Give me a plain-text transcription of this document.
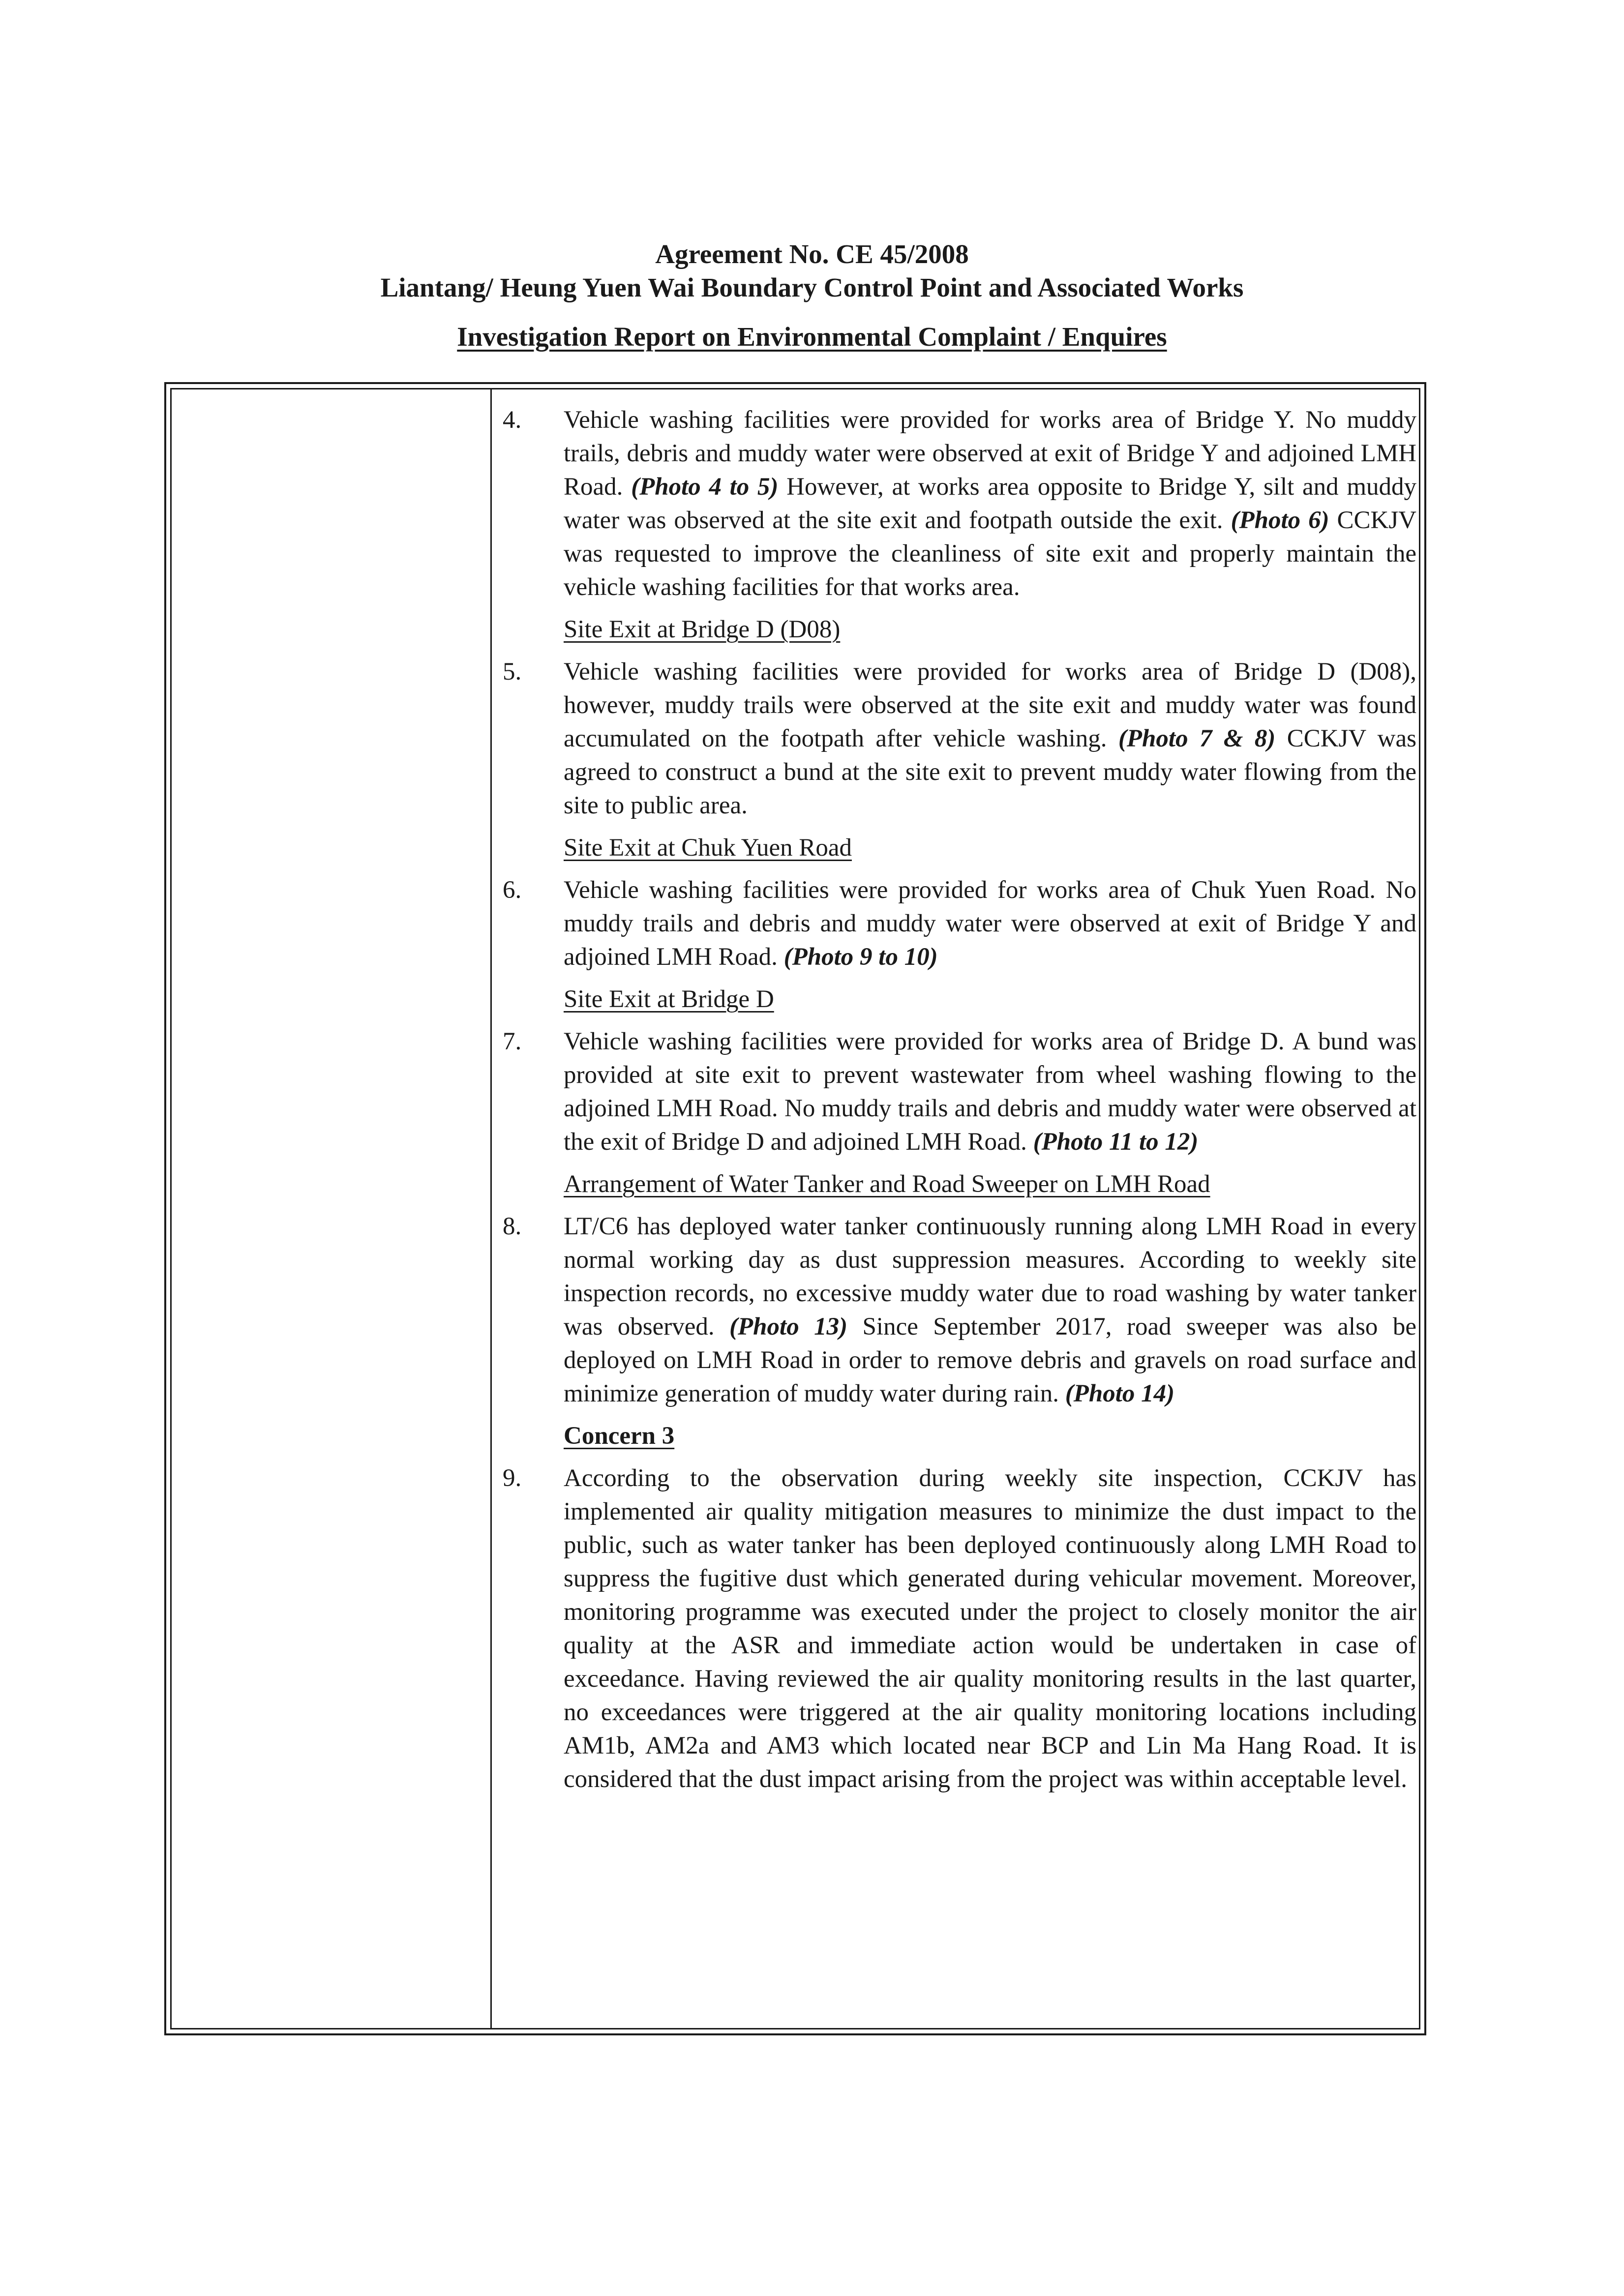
Agreement No. CE 45/2008
Liantang/ Heung Yuen Wai Boundary Control Point and Associated Works
Investigation Report on Environmental Complaint / Enquires
4. Vehicle washing facilities were provided for works area of Bridge Y. No muddy trails, debris and muddy water were observed at exit of Bridge Y and adjoined LMH Road. (Photo 4 to 5) However, at works area opposite to Bridge Y, silt and muddy water was observed at the site exit and footpath outside the exit. (Photo 6) CCKJV was requested to improve the cleanliness of site exit and properly maintain the vehicle washing facilities for that works area.

Site Exit at Bridge D (D08)
5. Vehicle washing facilities were provided for works area of Bridge D (D08), however, muddy trails were observed at the site exit and muddy water was found accumulated on the footpath after vehicle washing. (Photo 7 & 8) CCKJV was agreed to construct a bund at the site exit to prevent muddy water flowing from the site to public area.

Site Exit at Chuk Yuen Road
6. Vehicle washing facilities were provided for works area of Chuk Yuen Road. No muddy trails and debris and muddy water were observed at exit of Bridge Y and adjoined LMH Road. (Photo 9 to 10)

Site Exit at Bridge D
7. Vehicle washing facilities were provided for works area of Bridge D. A bund was provided at site exit to prevent wastewater from wheel washing flowing to the adjoined LMH Road. No muddy trails and debris and muddy water were observed at the exit of Bridge D and adjoined LMH Road. (Photo 11 to 12)

Arrangement of Water Tanker and Road Sweeper on LMH Road
8. LT/C6 has deployed water tanker continuously running along LMH Road in every normal working day as dust suppression measures. According to weekly site inspection records, no excessive muddy water due to road washing by water tanker was observed. (Photo 13) Since September 2017, road sweeper was also be deployed on LMH Road in order to remove debris and gravels on road surface and minimize generation of muddy water during rain. (Photo 14)

Concern 3
9. According to the observation during weekly site inspection, CCKJV has implemented air quality mitigation measures to minimize the dust impact to the public, such as water tanker has been deployed continuously along LMH Road to suppress the fugitive dust which generated during vehicular movement. Moreover, monitoring programme was executed under the project to closely monitor the air quality at the ASR and immediate action would be undertaken in case of exceedance. Having reviewed the air quality monitoring results in the last quarter, no exceedances were triggered at the air quality monitoring locations including AM1b, AM2a and AM3 which located near BCP and Lin Ma Hang Road. It is considered that the dust impact arising from the project was within acceptable level.
